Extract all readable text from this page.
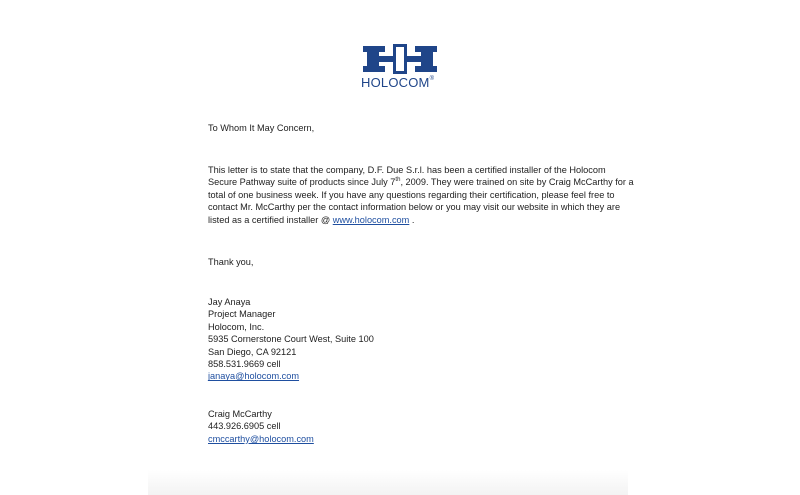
HOLOCOM®
To Whom It May Concern,

This letter is to state that the company, D.F. Due S.r.l. has been a certified installer of the Holocom

Secure Pathway suite of products since July 7th, 2009. They were trained on site by Craig McCarthy for a

total of one business week. If you have any questions regarding their certification, please feel free to

contact Mr. McCarthy per the contact information below or you may visit our website in which they are

listed as a certified installer @ www.holocom.com .

Thank you,
Jay Anaya
Project Manager
Holocom, Inc.
5935 Cornerstone Court West, Suite 100
San Diego, CA 92121
858.531.9669 cell
janaya@holocom.com
Craig McCarthy
443.926.6905 cell
cmccarthy@holocom.com
